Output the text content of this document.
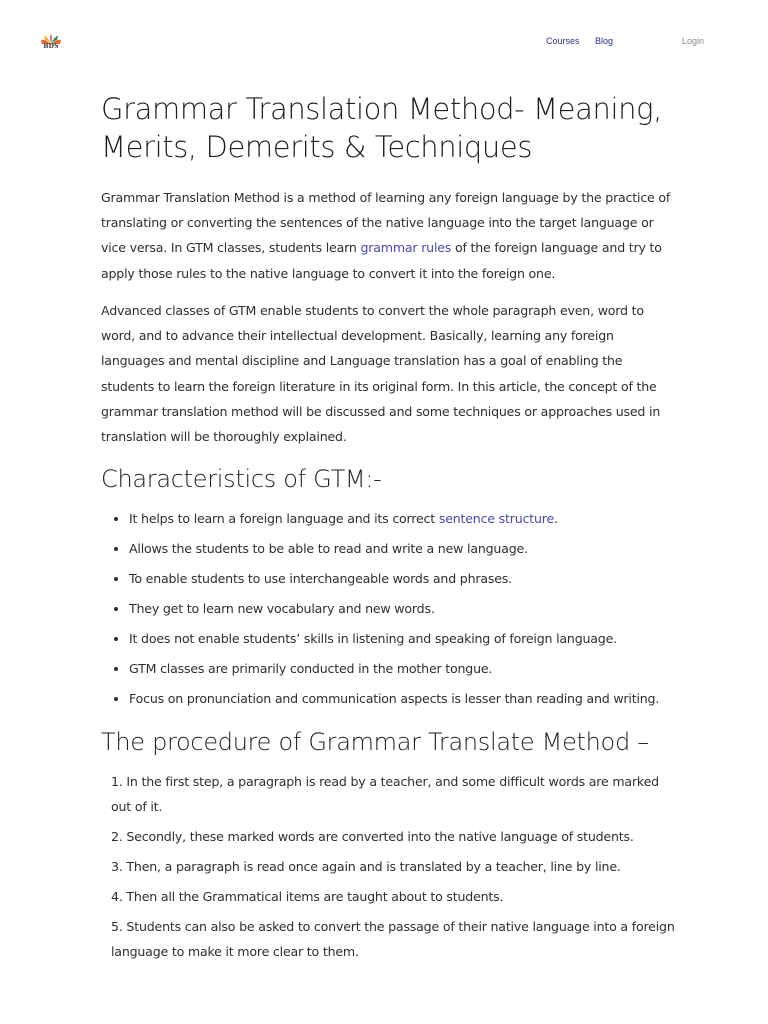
BDS
Courses Blog	Login
Grammar Translation Method- Meaning, Merits, Demerits & Techniques

Grammar Translation Method is a method of learning any foreign language by the practice of translating or converting the sentences of the native language into the target language or vice versa. In GTM classes, students learn grammar rules of the foreign language and try to apply those rules to the native language to convert it into the foreign one.

Advanced classes of GTM enable students to convert the whole paragraph even, word to word, and to advance their intellectual development. Basically, learning any foreign languages and mental discipline and Language translation has a goal of enabling the students to learn the foreign literature in its original form. In this article, the concept of the grammar translation method will be discussed and some techniques or approaches used in translation will be thoroughly explained.

Characteristics of GTM:-
It helps to learn a foreign language and its correct sentence structure.
Allows the students to be able to read and write a new language.
To enable students to use interchangeable words and phrases.
They get to learn new vocabulary and new words.
It does not enable students’ skills in listening and speaking of foreign language.
GTM classes are primarily conducted in the mother tongue.
Focus on pronunciation and communication aspects is lesser than reading and writing.
The procedure of Grammar Translate Method –
1. In the first step, a paragraph is read by a teacher, and some difficult words are marked out of it.
2. Secondly, these marked words are converted into the native language of students.
3. Then, a paragraph is read once again and is translated by a teacher, line by line.
4. Then all the Grammatical items are taught about to students.
5. Students can also be asked to convert the passage of their native language into a foreign language to make it more clear to them.
